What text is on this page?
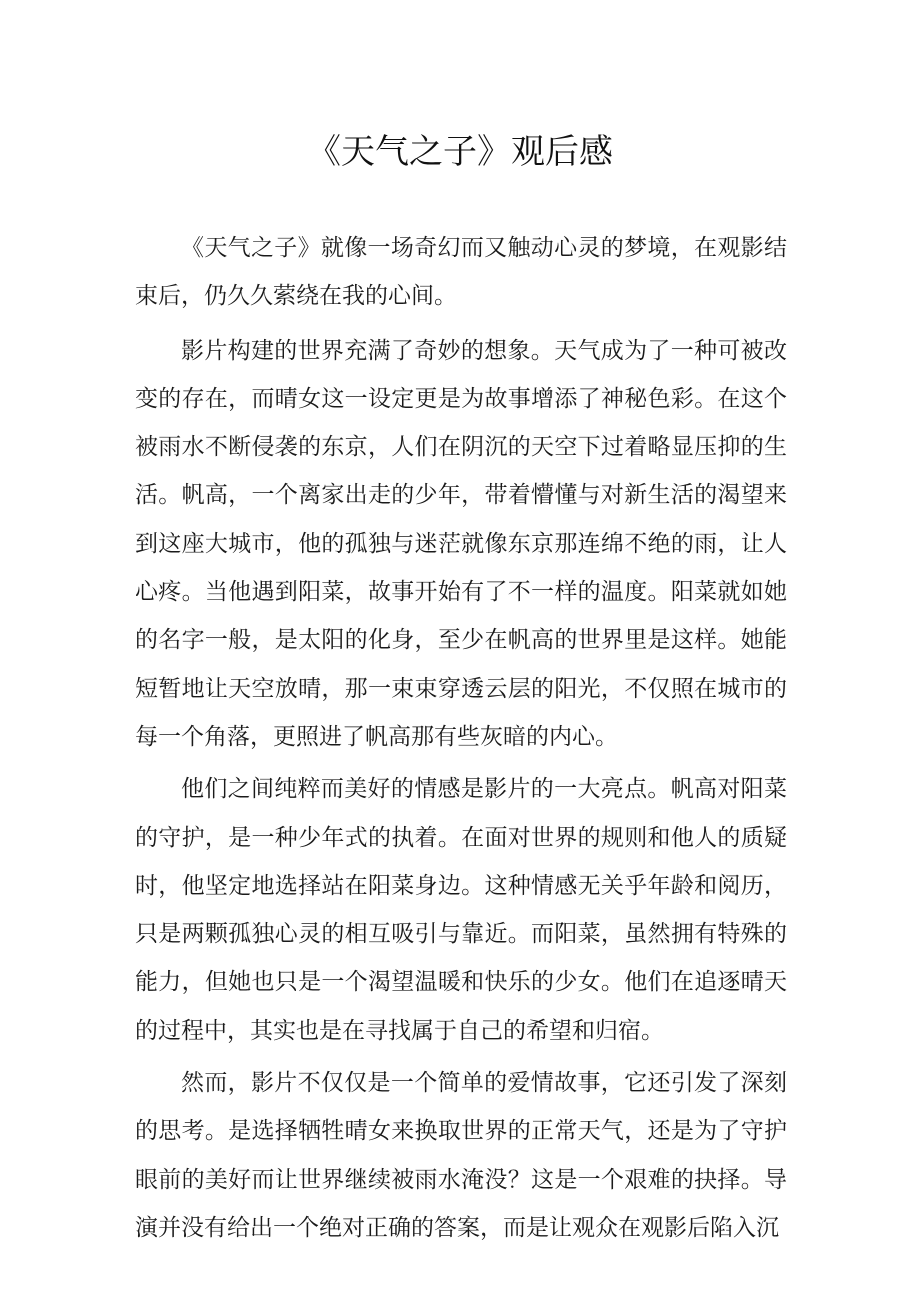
《天气之子》观后感

《天气之子》就像一场奇幻而又触动心灵的梦境，在观影结束后，仍久久萦绕在我的心间。

影片构建的世界充满了奇妙的想象。天气成为了一种可被改变的存在，而晴女这一设定更是为故事增添了神秘色彩。在这个被雨水不断侵袭的东京，人们在阴沉的天空下过着略显压抑的生活。帆高，一个离家出走的少年，带着懵懂与对新生活的渴望来到这座大城市，他的孤独与迷茫就像东京那连绵不绝的雨，让人心疼。当他遇到阳菜，故事开始有了不一样的温度。阳菜就如她的名字一般，是太阳的化身，至少在帆高的世界里是这样。她能短暂地让天空放晴，那一束束穿透云层的阳光，不仅照在城市的每一个角落，更照进了帆高那有些灰暗的内心。

他们之间纯粹而美好的情感是影片的一大亮点。帆高对阳菜的守护，是一种少年式的执着。在面对世界的规则和他人的质疑时，他坚定地选择站在阳菜身边。这种情感无关乎年龄和阅历，只是两颗孤独心灵的相互吸引与靠近。而阳菜，虽然拥有特殊的能力，但她也只是一个渴望温暖和快乐的少女。他们在追逐晴天的过程中，其实也是在寻找属于自己的希望和归宿。

然而，影片不仅仅是一个简单的爱情故事，它还引发了深刻的思考。是选择牺牲晴女来换取世界的正常天气，还是为了守护眼前的美好而让世界继续被雨水淹没？这是一个艰难的抉择。导演并没有给出一个绝对正确的答案，而是让观众在观影后陷入沉
